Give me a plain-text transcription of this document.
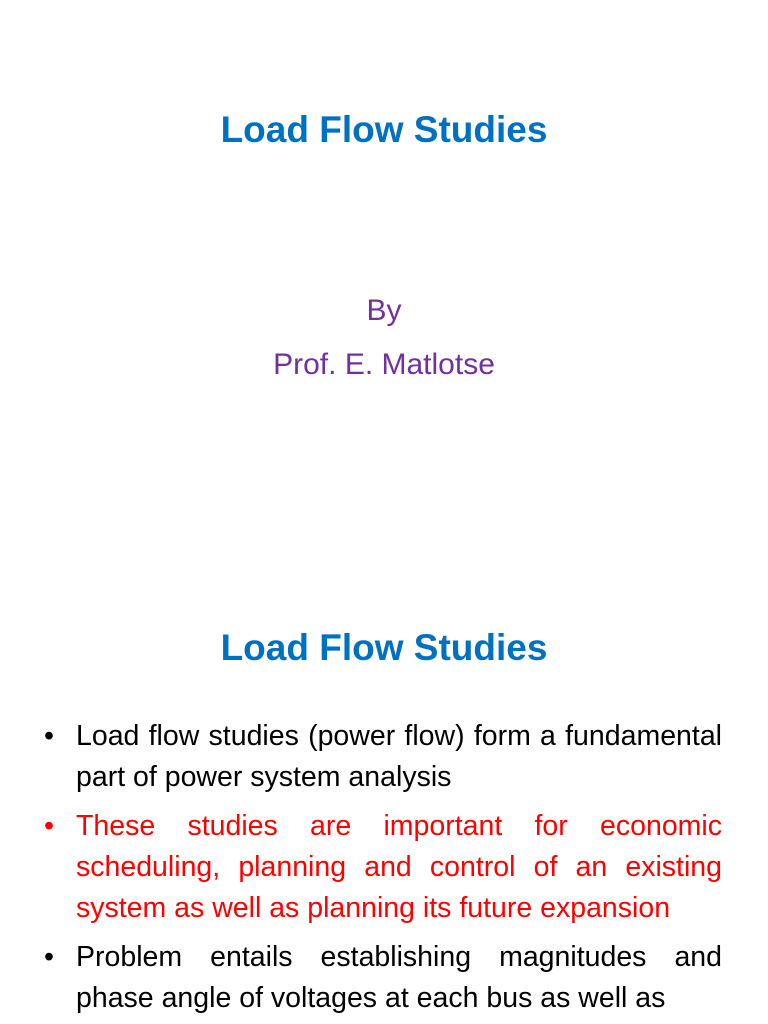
Load Flow Studies
By
Prof. E. Matlotse
Load Flow Studies
• Load flow studies (power flow) form a fundamental part of power system analysis
• These studies are important for economic scheduling, planning and control of an existing system as well as planning its future expansion
• Problem entails establishing magnitudes and phase angle of voltages at each bus as well as
